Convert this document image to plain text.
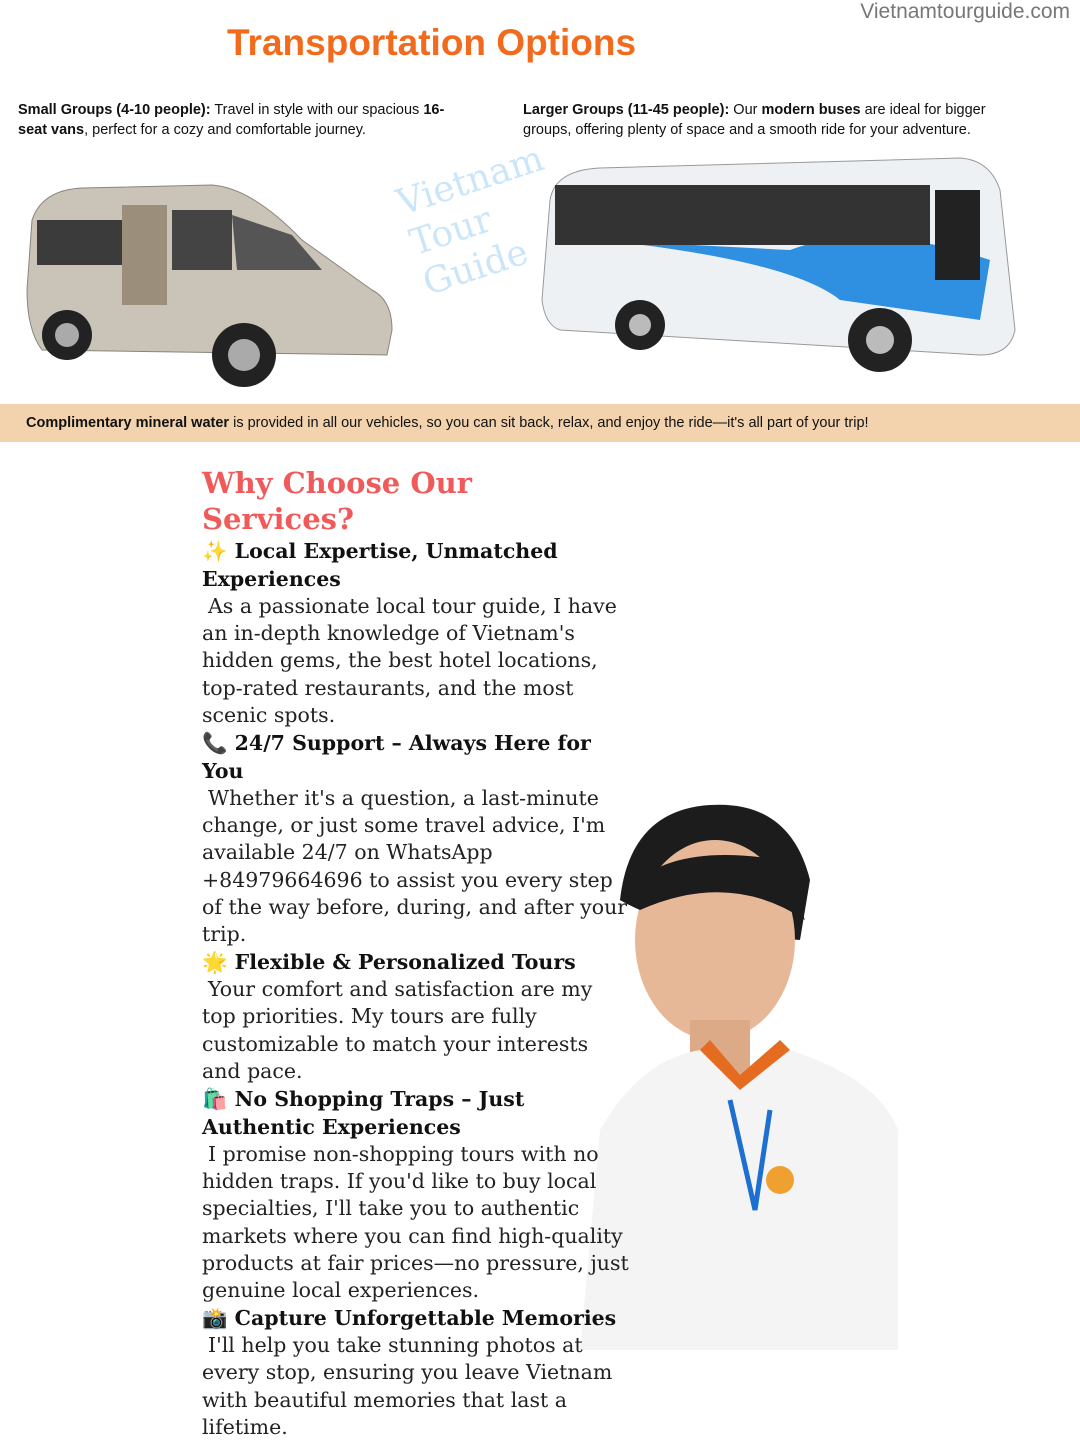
Vietnamtourguide.com
Transportation Options
Small Groups (4-10 people): Travel in style with our spacious 16-seat vans, perfect for a cozy and comfortable journey.
Larger Groups (11-45 people): Our modern buses are ideal for bigger groups, offering plenty of space and a smooth ride for your adventure.
Vietnam Tour Guide
Complimentary mineral water is provided in all our vehicles, so you can sit back, relax, and enjoy the ride—it's all part of your trip!
Why Choose Our Services?
✨ Local Expertise, Unmatched Experiences

As a passionate local tour guide, I have an in-depth knowledge of Vietnam's hidden gems, the best hotel locations, top-rated restaurants, and the most scenic spots.

📞 24/7 Support – Always Here for You

Whether it's a question, a last-minute change, or just some travel advice, I'm available 24/7 on WhatsApp +84979664696 to assist you every step of the way before, during, and after your trip.

🌟 Flexible & Personalized Tours

Your comfort and satisfaction are my top priorities. My tours are fully customizable to match your interests and pace.

🛍️ No Shopping Traps – Just Authentic Experiences

I promise non-shopping tours with no hidden traps. If you'd like to buy local specialties, I'll take you to authentic markets where you can find high-quality products at fair prices—no pressure, just genuine local experiences.

📸 Capture Unforgettable Memories

I'll help you take stunning photos at every stop, ensuring you leave Vietnam with beautiful memories that last a lifetime.
